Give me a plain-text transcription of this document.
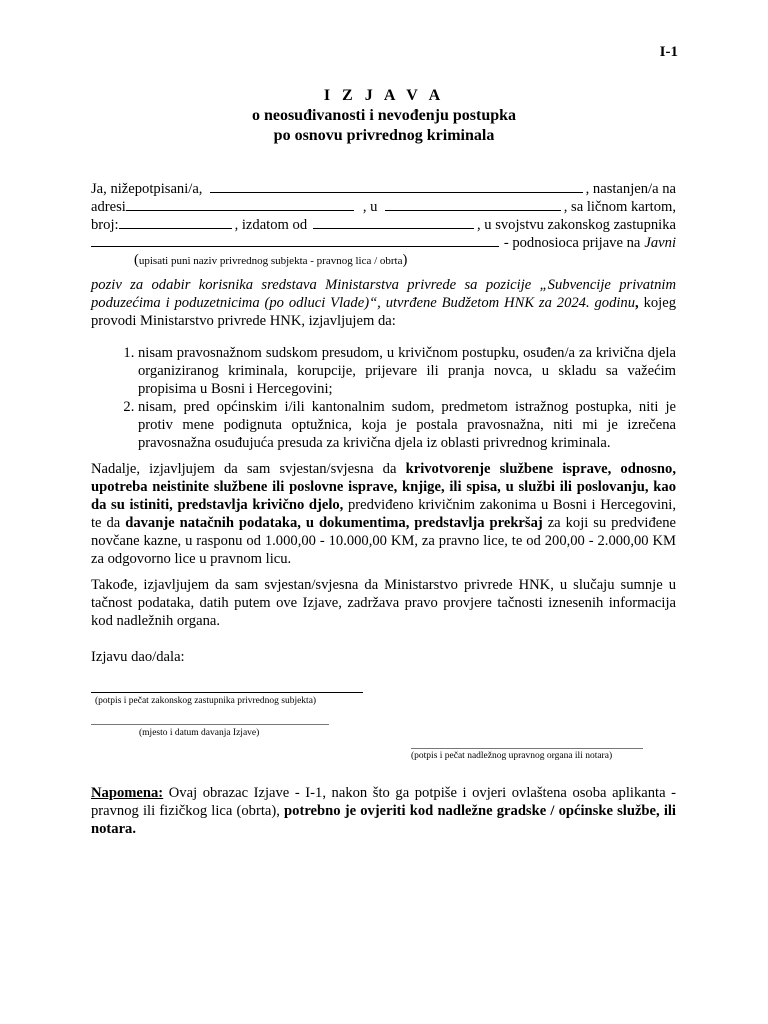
I-1
I Z J A V A
o neosuđivanosti i nevođenju postupka
po osnovu privrednog kriminala
Ja, niže​potpisani/a,	, nastanjen/a na
adresi	, u	, sa ličnom kartom,
broj:	, izdatom od	, u svojstvu zakonskog zastupnika
- podnosioca prijave na Javni
(upisati puni naziv privrednog subjekta - pravnog lica / obrta)
poziv za odabir korisnika sredstava Ministarstva privrede sa pozicije „Subvencije privatnim poduzećima i poduzetnicima (po odluci Vlade)“, utvrđene Budžetom HNK za 2024. godinu, kojeg provodi Ministarstvo privrede HNK, izjavljujem da:
1. nisam pravosnažnom sudskom presudom, u krivičnom postupku, osuđen/a za krivična djela organiziranog kriminala, korupcije, prijevare ili pranja novca, u skladu sa važećim propisima u Bosni i Hercegovini;
2. nisam, pred općinskim i/ili kantonalnim sudom, predmetom istražnog postupka, niti je protiv mene podignuta optužnica, koja je postala pravosnažna, niti mi je izrečena pravosnažna osuđujuća presuda za krivična djela iz oblasti privrednog kriminala.
Nadalje, izjavljujem da sam svjestan/svjesna da krivotvorenje službene isprave, odnosno, upotreba neistinite službene ili poslovne isprave, knjige, ili spisa, u službi ili poslovanju, kao da su istiniti, predstavlja krivično djelo, predviđeno krivičnim zakonima u Bosni i Hercegovini, te da davanje natačnih podataka, u dokumentima, predstavlja prekršaj za koji su predviđene novčane kazne, u rasponu od 1.000,00 - 10.000,00 KM, za pravno lice, te od 200,00 - 2.000,00 KM za odgovorno lice u pravnom licu.
Takođe, izjavljujem da sam svjestan/svjesna da Ministarstvo privrede HNK, u slučaju sumnje u tačnost podataka, datih putem ove Izjave, zadržava pravo provjere tačnosti iznesenih informacija kod nadležnih organa.
Izjavu dao/dala:
(potpis i pečat zakonskog zastupnika privrednog subjekta)
(mjesto i datum davanja Izjave)
(potpis i pečat nadležnog upravnog organa ili notara)
Napomena: Ovaj obrazac Izjave - I-1, nakon što ga potpiše i ovjeri ovlaštena osoba aplikanta - pravnog ili fizičkog lica (obrta), potrebno je ovjeriti kod nadležne gradske / općinske službe, ili notara.
